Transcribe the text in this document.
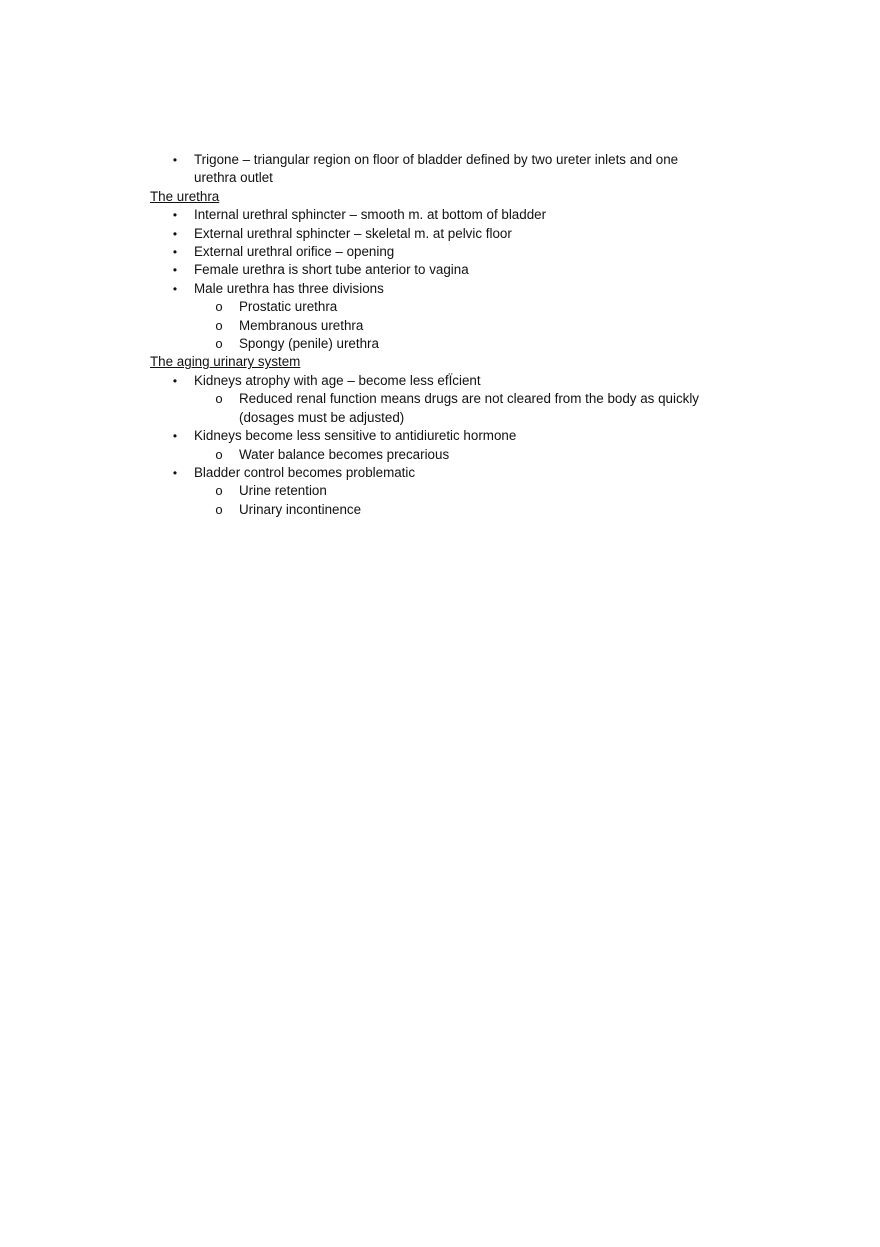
• Trigone – triangular region on floor of bladder defined by two ureter inlets and one urethra outlet

The urethra

• Internal urethral sphincter – smooth m. at bottom of bladder
• External urethral sphincter – skeletal m. at pelvic floor
• External urethral orifice – opening
• Female urethra is short tube anterior to vagina
• Male urethra has three divisions
o Prostatic urethra
o Membranous urethra
o Spongy (penile) urethra

The aging urinary system

• Kidneys atrophy with age – become less efÏcient
o Reduced renal function means drugs are not cleared from the body as quickly (dosages must be adjusted)
• Kidneys become less sensitive to antidiuretic hormone
o Water balance becomes precarious
• Bladder control becomes problematic
o Urine retention
o Urinary incontinence
